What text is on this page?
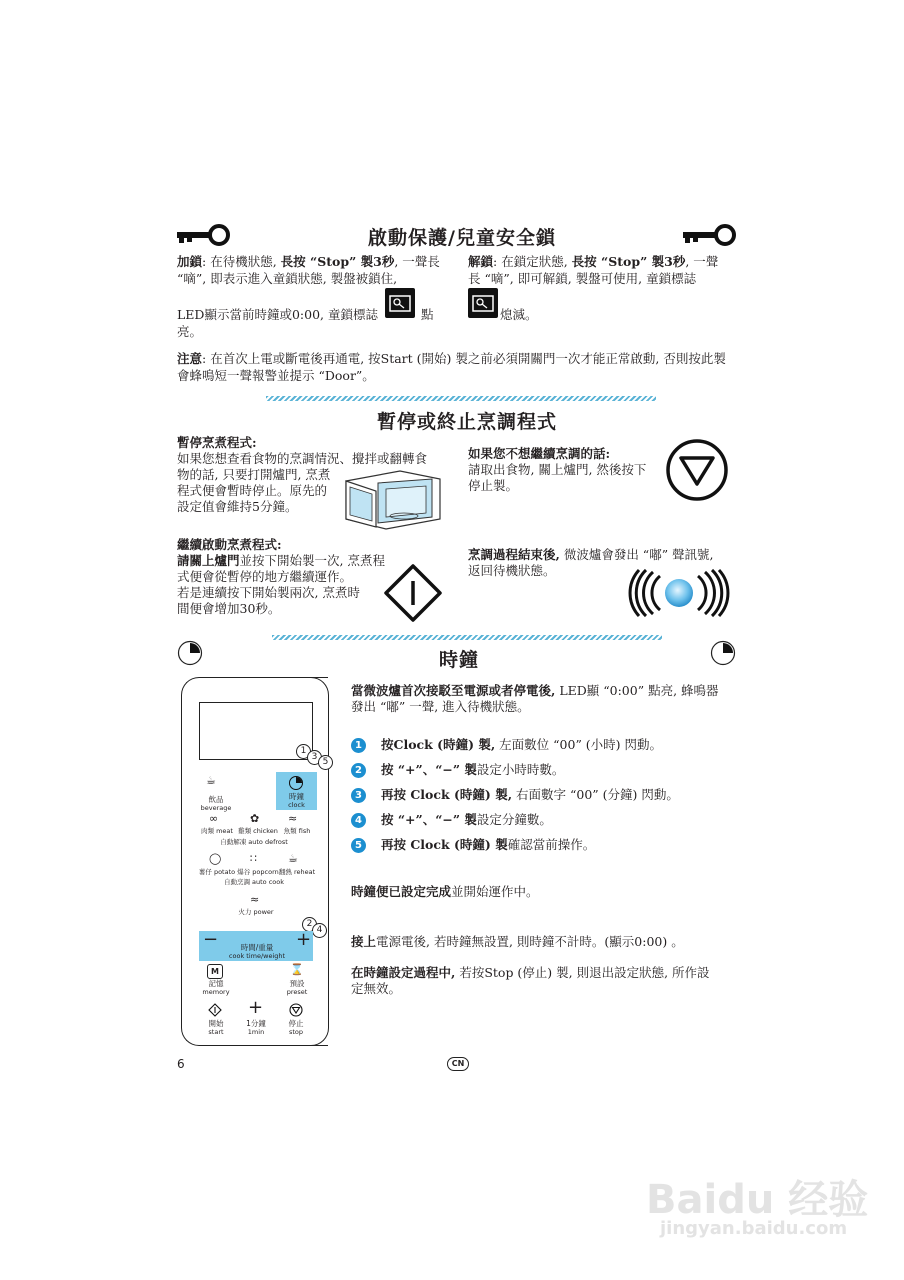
啟動保護/兒童安全鎖
加鎖: 在待機狀態, 長按 “Stop” 製3秒, 一聲長 “嘀”, 即表示進入童鎖狀態, 製盤被鎖住,
LED顯示當前時鐘或0:00, 童鎖標誌	點
亮。
解鎖: 在鎖定狀態, 長按 “Stop” 製3秒, 一聲長 “嘀”, 即可解鎖, 製盤可使用, 童鎖標誌
熄滅。
注意: 在首次上電或斷電後再通電, 按Start (開始) 製之前必須開關門一次才能正常啟動, 否則按此製會蜂鳴短一聲報警並提示 “Door”。
暫停或終止烹調程式
暫停烹煮程式:
如果您想查看食物的烹調情況、攪拌或翻轉食
物的話, 只要打開爐門, 烹煮
程式便會暫時停止。原先的
設定值會維持5分鐘。
如果您不想繼續烹調的話:
請取出食物, 關上爐門, 然後按下
停止製。
繼續啟動烹煮程式:
請關上爐門並按下開始製一次, 烹煮程
式便會從暫停的地方繼續運作。
若是連續按下開始製兩次, 烹煮時
間便會增加30秒。
烹調過程結束後, 微波爐會發出 “嘟” 聲訊號,
返回待機狀態。
時鐘
當微波爐首次接駁至電源或者停電後, LED顯 “0:00” 點亮, 蜂鳴器
發出 “嘟” 一聲, 進入待機狀態。
1 按Clock (時鐘) 製, 左面數位 “00” (小時) 閃動。
2 按 “+”、“−” 製設定小時時數。
3 再按 Clock (時鐘) 製, 右面數字 “00” (分鐘) 閃動。
4 按 “+”、“−” 製設定分鐘數。
5 再按 Clock (時鐘) 製確認當前操作。
時鐘便已設定完成並開始運作中。
接上電源電後, 若時鐘無設置, 則時鐘不計時。(顯示0:00) 。
在時鐘設定過程中, 若按Stop (停止) 製, 則退出設定狀態, 所作設
定無效。
1
3 5
☕
飲品
beverage
時鐘
clock
∞	✿	≈
肉類 meat 雞類 chicken 魚類 fish
自動解凍 auto defrost
◯	∷	☕
薯仔 potato 爆谷 popcorn 翻熱 reheat
自動烹調 auto cook
≈
火力 power
2
4
−	+
時間/重量
cook time/weight
M
記憶
memory
⌛
預設
preset
開始
start
+
1分鐘
1min
停止
stop
6	CN
Baidu 经验
jingyan.baidu.com
